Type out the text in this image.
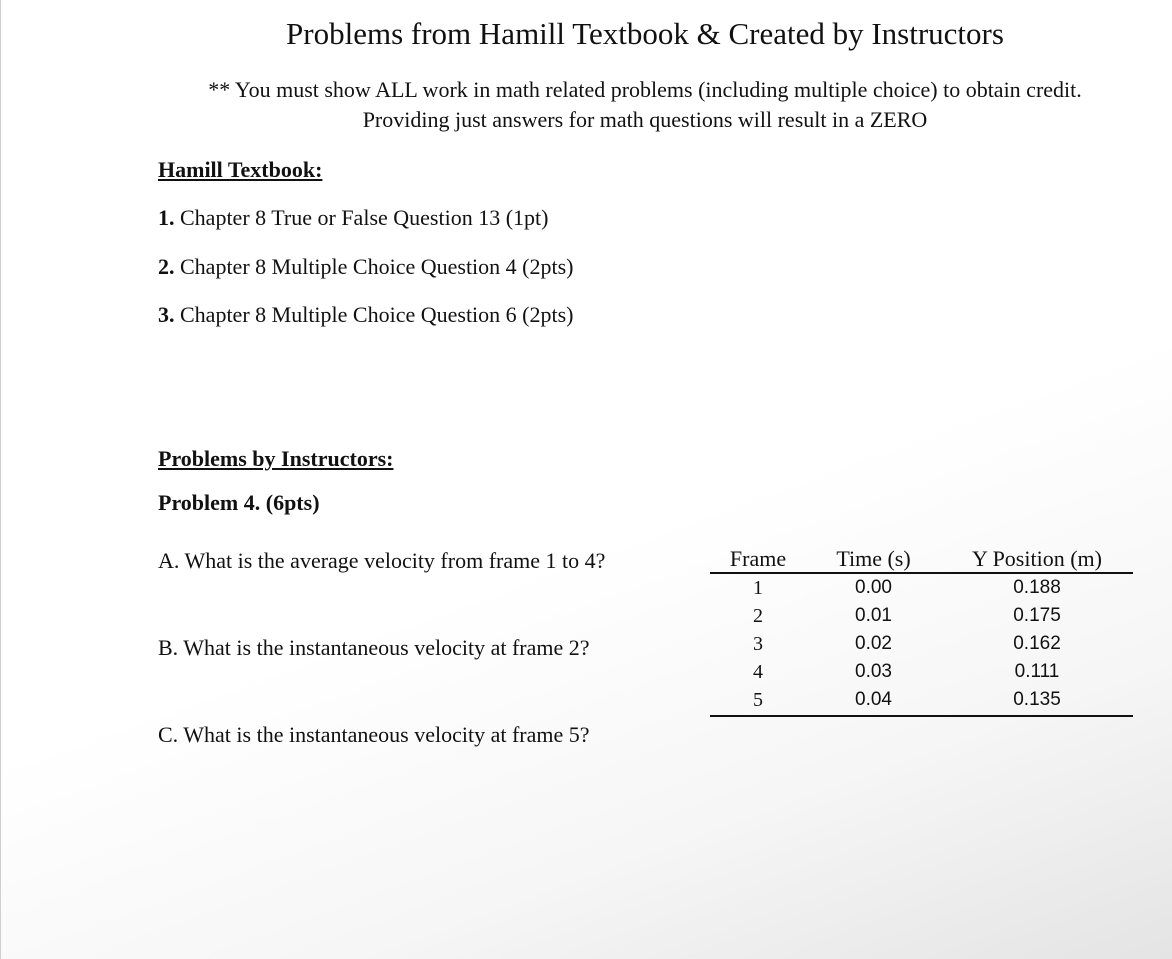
Problems from Hamill Textbook & Created by Instructors

** You must show ALL work in math related problems (including multiple choice) to obtain credit. Providing just answers for math questions will result in a ZERO

Hamill Textbook:

1. Chapter 8 True or False Question 13 (1pt)

2. Chapter 8 Multiple Choice Question 4 (2pts)

3. Chapter 8 Multiple Choice Question 6 (2pts)

Problems by Instructors:

Problem 4. (6pts)

A. What is the average velocity from frame 1 to 4?

B. What is the instantaneous velocity at frame 2?

C. What is the instantaneous velocity at frame 5?

Frame	Time (s)	Y Position (m)
1	0.00	0.188
2	0.01	0.175
3	0.02	0.162
4	0.03	0.111
5	0.04	0.135
